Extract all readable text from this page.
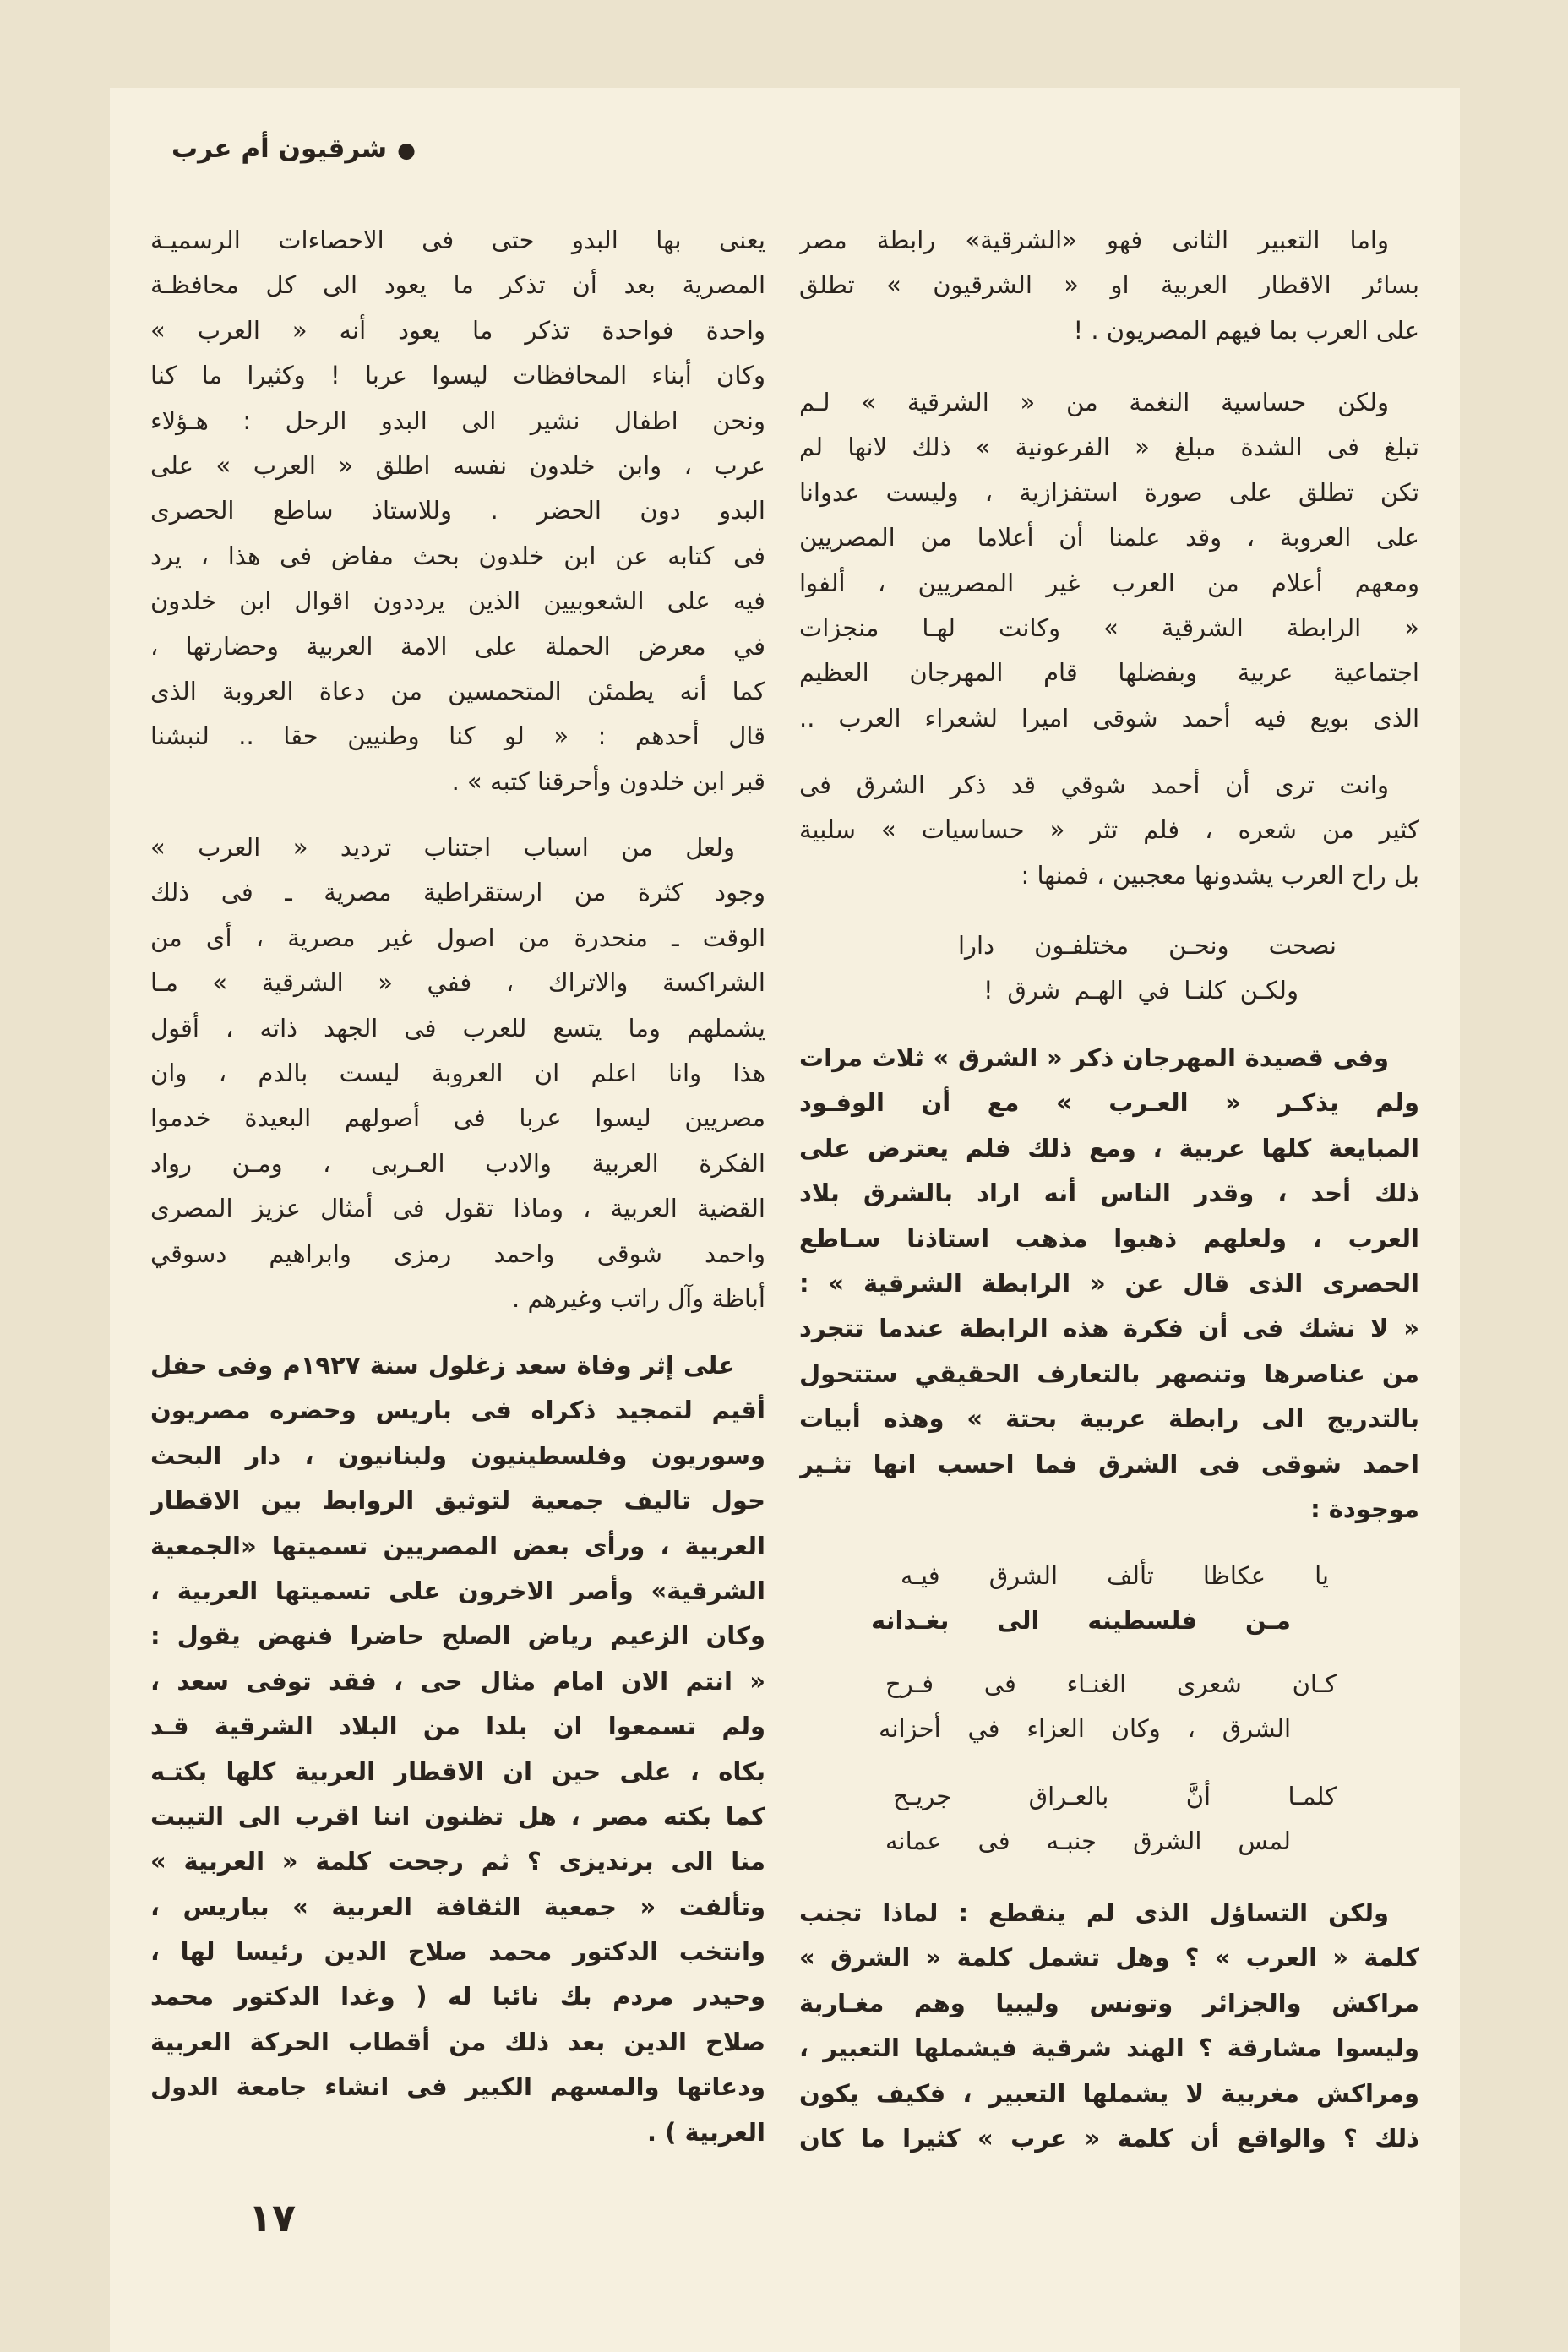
●شرقيون أم عرب
واما التعبير الثانى فهو «الشرقية» رابطة مصر
بسائر الاقطار العربية او « الشرقيون » تطلق
على العرب بما فيهم المصريون . !
ولكن حساسية النغمة من « الشرقية » لـم
تبلغ فى الشدة مبلغ « الفرعونية » ذلك لانها لم
تكن تطلق على صورة استفزازية ، وليست عدوانا
على العروبة ، وقد علمنا أن أعلاما من المصريين
ومعهم أعلام من العرب غير المصريين ، ألفوا
« الرابطة الشرقية » وكانت لهـا منجزات
اجتماعية عربية وبفضلها قام المهرجان العظيم
الذى بويع فيه أحمد شوقى اميرا لشعراء العرب ..
وانت ترى أن أحمد شوقي قد ذكر الشرق فى
كثير من شعره ، فلم تثر « حساسيات » سلبية
بل راح العرب يشدونها معجبين ، فمنها :
نصحت ونحـن مختلفـون دارا
ولكـن كلنـا في الهـم شرق !
وفى قصيدة المهرجان ذكر « الشرق » ثلاث مرات
ولم يذكـر « العـرب » مع أن الوفـود
المبايعة كلها عربية ، ومع ذلك فلم يعترض على
ذلك أحد ، وقدر الناس أنه اراد بالشرق بلاد
العرب ، ولعلهم ذهبوا مذهب استاذنا سـاطع
الحصرى الذى قال عن « الرابطة الشرقية » :
« لا نشك فى أن فكرة هذه الرابطة عندما تتجرد
من عناصرها وتنصهر بالتعارف الحقيقي ستتحول
بالتدريج الى رابطة عربية بحتة » وهذه أبيات
احمد شوقى فى الشرق فما احسب انها تثـير
موجودة :
يا عكاظا تألف الشرق فيـه
مـن فلسطينه الى بغـدانه
كـان شعرى الغنـاء فى فـرح
الشرق ، وكان العزاء في أحزانه
كلمـا أنَّ بالعـراق جريـح
لمس الشرق جنبـه فى عمانه
ولكن التساؤل الذى لم ينقطع : لماذا تجنب
كلمة « العرب » ؟ وهل تشمل كلمة « الشرق »
مراكش والجزائر وتونس وليبيا وهم مغـاربة
وليسوا مشارقة ؟ الهند شرقية فيشملها التعبير ،
ومراكش مغربية لا يشملها التعبير ، فكيف يكون
ذلك ؟ والواقع أن كلمة « عرب » كثيرا ما كان
يعنى بها البدو حتى فى الاحصاءات الرسميـة
المصرية بعد أن تذكر ما يعود الى كل محافظـة
واحدة فواحدة تذكر ما يعود أنه « العرب »
وكان أبناء المحافظات ليسوا عربا ! وكثيرا ما كنا
ونحن اطفال نشير الى البدو الرحل : هـؤلاء
عرب ، وابن خلدون نفسه اطلق « العرب » على
البدو دون الحضر . وللاستاذ ساطع الحصرى
فى كتابه عن ابن خلدون بحث مفاض فى هذا ، يرد
فيه على الشعوبيين الذين يرددون اقوال ابن خلدون
في معرض الحملة على الامة العربية وحضارتها ،
كما أنه يطمئن المتحمسين من دعاة العروبة الذى
قال أحدهم : « لو كنا وطنيين حقا .. لنبشنا
قبر ابن خلدون وأحرقنا كتبه » .
ولعل من اسباب اجتناب ترديد « العرب »
وجود كثرة من ارستقراطية مصرية ـ فى ذلك
الوقت ـ منحدرة من اصول غير مصرية ، أى من
الشراكسة والاتراك ، ففي « الشرقية » مـا
يشملهم وما يتسع للعرب فى الجهد ذاته ، أقول
هذا وانا اعلم ان العروبة ليست بالدم ، وان
مصريين ليسوا عربا فى أصولهم البعيدة خدموا
الفكرة العربية والادب العـربى ، ومـن رواد
القضية العربية ، وماذا تقول فى أمثال عزيز المصرى
واحمد شوقى واحمد رمزى وابراهيم دسوقي
أباظة وآل راتب وغيرهم .
على إثر وفاة سعد زغلول سنة ١٩٢٧م وفى حفل
أقيم لتمجيد ذكراه فى باريس وحضره مصريون
وسوريون وفلسطينيون ولبنانيون ، دار البحث
حول تاليف جمعية لتوثيق الروابط بين الاقطار
العربية ، ورأى بعض المصريين تسميتها «الجمعية
الشرقية» وأصر الاخرون على تسميتها العربية ،
وكان الزعيم رياض الصلح حاضرا فنهض يقول :
« انتم الان امام مثال حى ، فقد توفى سعد ،
ولم تسمعوا ان بلدا من البلاد الشرقية قـد
بكاه ، على حين ان الاقطار العربية كلها بكتـه
كما بكته مصر ، هل تظنون اننا اقرب الى التيبت
منا الى برنديزى ؟ ثم رجحت كلمة « العربية »
وتألفت « جمعية الثقافة العربية » بباريس ،
وانتخب الدكتور محمد صلاح الدين رئيسا لها ،
وحيدر مردم بك نائبا له ( وغدا الدكتور محمد
صلاح الدين بعد ذلك من أقطاب الحركة العربية
ودعاتها والمسهم الكبير فى انشاء جامعة الدول
العربية ) .
١٧
